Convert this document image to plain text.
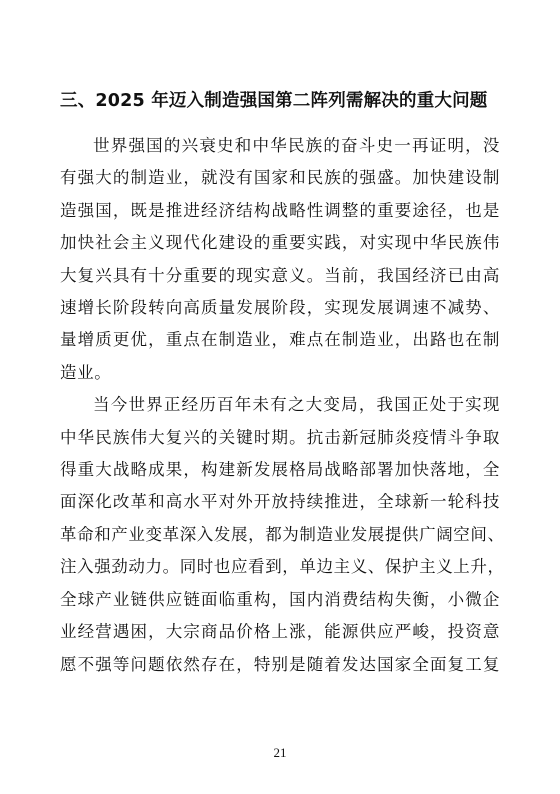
三、2025 年迈入制造强国第二阵列需解决的重大问题

世界强国的兴衰史和中华民族的奋斗史一再证明，没
有强大的制造业，就没有国家和民族的强盛。加快建设制
造强国，既是推进经济结构战略性调整的重要途径，也是
加快社会主义现代化建设的重要实践，对实现中华民族伟
大复兴具有十分重要的现实意义。当前，我国经济已由高
速增长阶段转向高质量发展阶段，实现发展调速不减势、
量增质更优，重点在制造业，难点在制造业，出路也在制
造业。

当今世界正经历百年未有之大变局，我国正处于实现
中华民族伟大复兴的关键时期。抗击新冠肺炎疫情斗争取
得重大战略成果，构建新发展格局战略部署加快落地，全
面深化改革和高水平对外开放持续推进，全球新一轮科技
革命和产业变革深入发展，都为制造业发展提供广阔空间、
注入强劲动力。同时也应看到，单边主义、保护主义上升，
全球产业链供应链面临重构，国内消费结构失衡，小微企
业经营遇困，大宗商品价格上涨，能源供应严峻，投资意
愿不强等问题依然存在，特别是随着发达国家全面复工复

21
